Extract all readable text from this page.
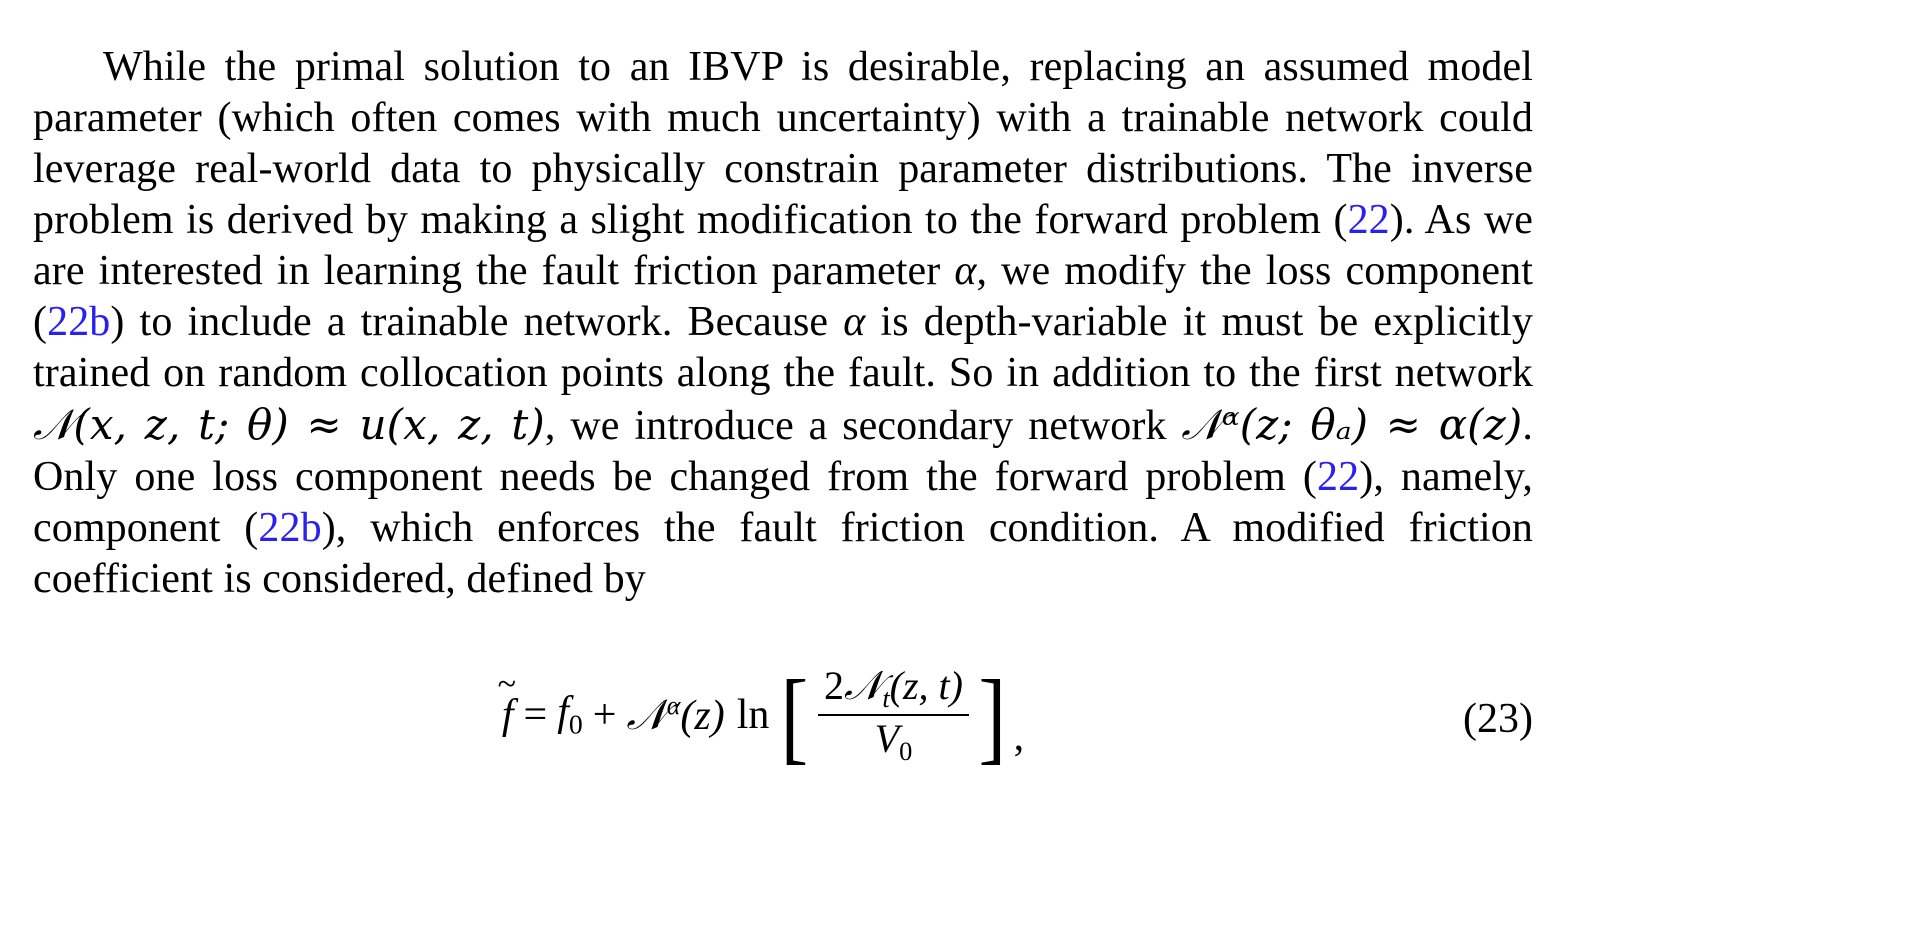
While the primal solution to an IBVP is desirable, replacing an assumed model parameter (which often comes with much uncertainty) with a trainable network could leverage real-world data to physically constrain parameter distributions. The inverse problem is derived by making a slight modification to the forward problem (22). As we are interested in learning the fault friction parameter α, we modify the loss component (22b) to include a trainable network. Because α is depth-variable it must be explicitly trained on random collocation points along the fault. So in addition to the first network 𝒩(x, z, t; θ) ≈ u(x, z, t), we introduce a secondary network 𝒩ᵅ(z; θₐ) ≈ α(z). Only one loss component needs be changed from the forward problem (22), namely, component (22b), which enforces the fault friction condition. A modified friction coefficient is considered, defined by

~
$f = f_0$ + 𝒩$^\alpha$(z) ln [ $\frac{2𝒩_t(z, t)}{V_0}$ ] ,	(23)
